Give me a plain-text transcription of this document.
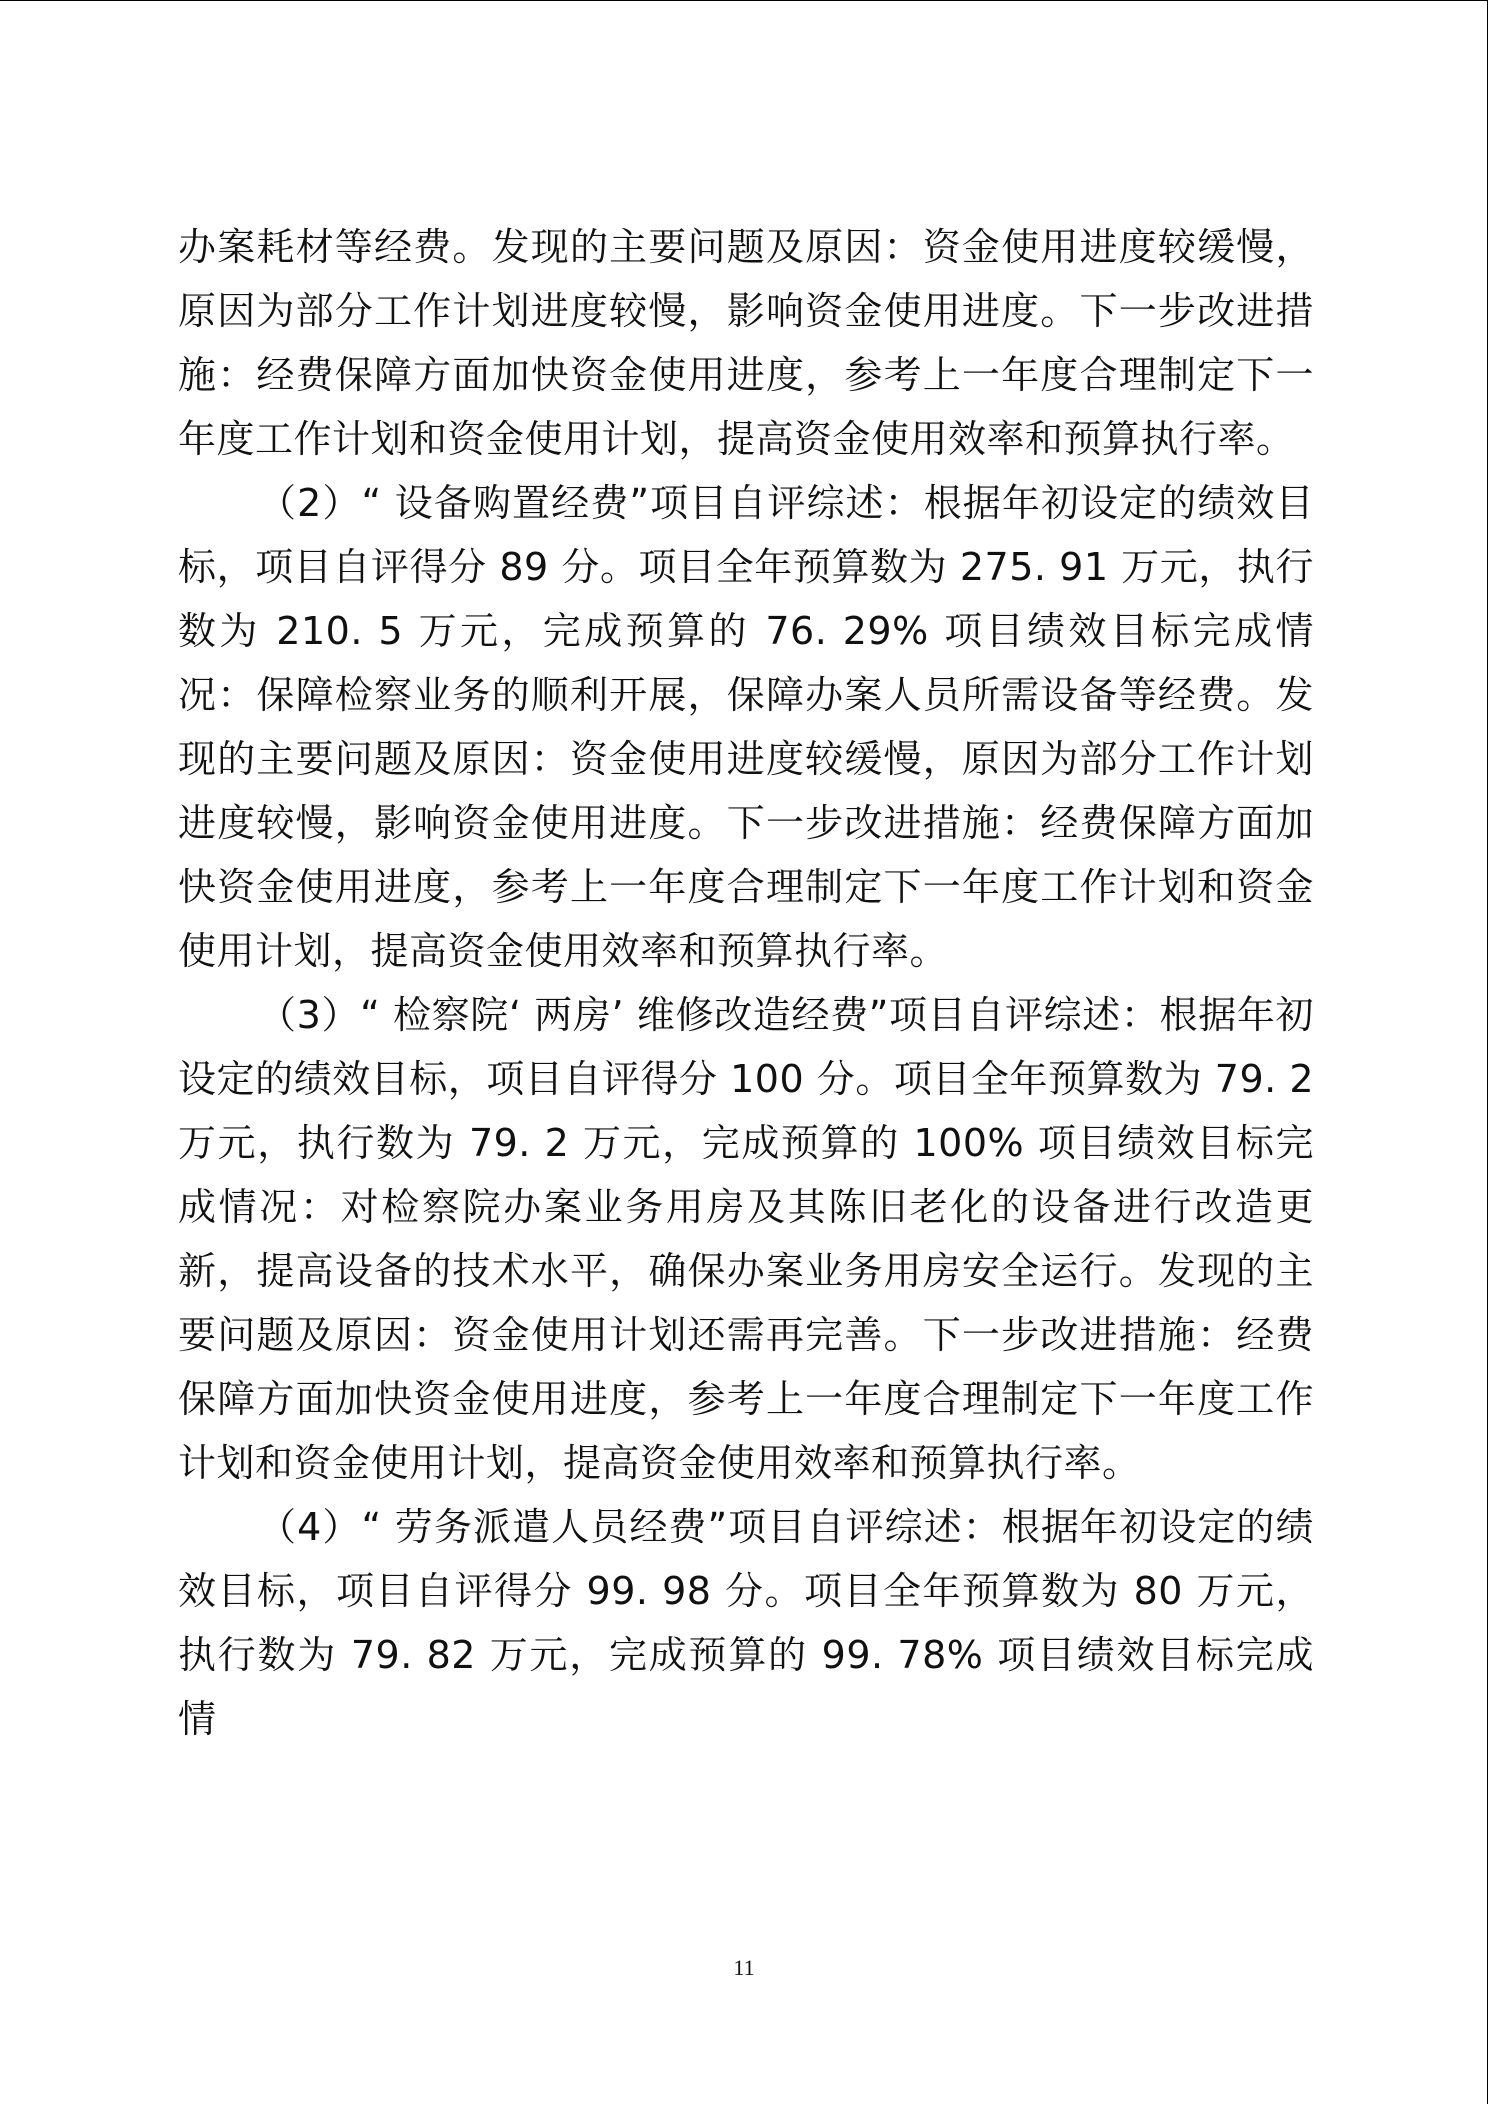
办案耗材等经费。发现的主要问题及原因：资金使用进度较缓慢，原因为部分工作计划进度较慢，影响资金使用进度。下一步改进措施：经费保障方面加快资金使用进度，参考上一年度合理制定下一年度工作计划和资金使用计划，提高资金使用效率和预算执行率。

（2）“ 设备购置经费”项目自评综述：根据年初设定的绩效目标，项目自评得分 89 分。项目全年预算数为 275. 91 万元，执行数为 210. 5 万元，完成预算的 76. 29% 项目绩效目标完成情况：保障检察业务的顺利开展，保障办案人员所需设备等经费。发现的主要问题及原因：资金使用进度较缓慢，原因为部分工作计划进度较慢，影响资金使用进度。下一步改进措施：经费保障方面加快资金使用进度，参考上一年度合理制定下一年度工作计划和资金使用计划，提高资金使用效率和预算执行率。

（3）“ 检察院‘ 两房’ 维修改造经费”项目自评综述：根据年初设定的绩效目标，项目自评得分 100 分。项目全年预算数为 79. 2 万元，执行数为 79. 2 万元，完成预算的 100% 项目绩效目标完成情况：对检察院办案业务用房及其陈旧老化的设备进行改造更新，提高设备的技术水平，确保办案业务用房安全运行。发现的主要问题及原因：资金使用计划还需再完善。下一步改进措施：经费保障方面加快资金使用进度，参考上一年度合理制定下一年度工作计划和资金使用计划，提高资金使用效率和预算执行率。

（4）“ 劳务派遣人员经费”项目自评综述：根据年初设定的绩效目标，项目自评得分 99. 98 分。项目全年预算数为 80 万元，执行数为 79. 82 万元，完成预算的 99. 78% 项目绩效目标完成情

11
